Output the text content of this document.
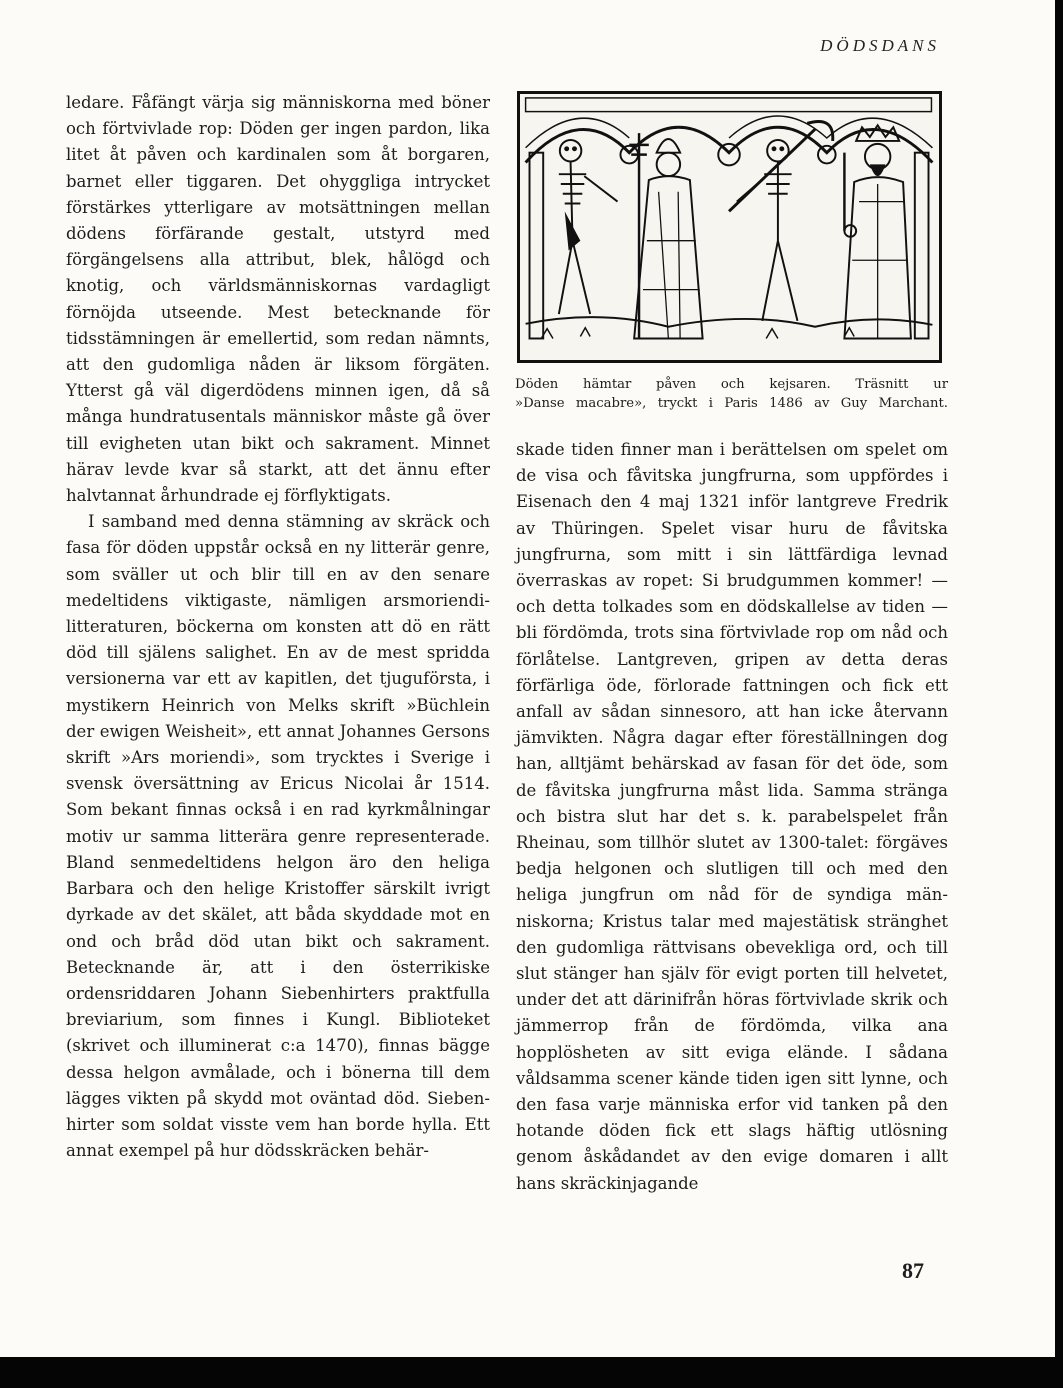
DÖDSDANS

ledare. Fåfängt värja sig människorna med böner och förtvivlade rop: Döden ger ingen pardon, lika litet åt påven och kardinalen som åt borgaren, barnet eller tiggaren. Det ohyggliga intrycket förstärkes ytterligare av motsättningen mellan dödens förfärande gestalt, utstyrd med förgängelsens alla attribut, blek, hålögd och knotig, och världsmänniskornas vardagligt förnöjda utseende. Mest betecknande för tidsstämningen är emellertid, som redan nämnts, att den gudomliga nåden är liksom förgäten. Ytterst gå väl digerdödens minnen igen, då så många hundratusentals människor måste gå över till evigheten utan bikt och sakrament. Minnet härav levde kvar så starkt, att det ännu efter halvtannat århundrade ej förflyktigats.

I samband med denna stämning av skräck och fasa för döden uppstår också en ny litterär genre, som sväller ut och blir till en av den senare medeltidens viktigaste, nämligen arsmoriendi-litteraturen, böckerna om konsten att dö en rätt död till själens salighet. En av de mest spridda versionerna var ett av kapitlen, det tjuguförsta, i mystikern Heinrich von Melks skrift »Büchlein der ewigen Weisheit», ett annat Johannes Gersons skrift »Ars moriendi», som trycktes i Sverige i svensk översättning av Ericus Nicolai år 1514. Som bekant finnas också i en rad kyrkmålningar motiv ur samma litterära genre representerade. Bland senmedeltidens helgon äro den heliga Barbara och den helige Kristoffer särskilt ivrigt dyrkade av det skälet, att båda skyddade mot en ond och bråd död utan bikt och sakrament. Betecknande är, att i den österrikiske ordensriddaren Johann Siebenhirters praktfulla breviarium, som finnes i Kungl. Biblioteket (skrivet och illuminerat c:a 1470), finnas bägge dessa helgon avmålade, och i bönerna till dem lägges vikten på skydd mot oväntad död. Siebenhirter som soldat visste vem han borde hylla. Ett annat exempel på hur dödsskräcken behär-

Döden hämtar påven och kejsaren. Träsnitt ur
»Danse macabre», tryckt i Paris 1486 av Guy Marchant.

skade tiden finner man i berättelsen om spelet om de visa och fåvitska jungfrurna, som uppfördes i Eisenach den 4 maj 1321 inför lantgreve Fredrik av Thüringen. Spelet visar huru de fåvitska jungfrurna, som mitt i sin lättfärdiga levnad överraskas av ropet: Si brudgummen kommer! — och detta tolkades som en dödskallelse av tiden — bli fördömda, trots sina förtvivlade rop om nåd och förlåtelse. Lantgreven, gripen av detta deras förfärliga öde, förlorade fattningen och fick ett anfall av sådan sinnesoro, att han icke återvann jämvikten. Några dagar efter föreställningen dog han, alltjämt behärskad av fasan för det öde, som de fåvitska jungfrurna måst lida. Samma stränga och bistra slut har det s. k. parabelspelet från Rheinau, som tillhör slutet av 1300-talet: förgäves bedja helgonen och slutligen till och med den heliga jungfrun om nåd för de syndiga människorna; Kristus talar med majestätisk stränghet den gudomliga rättvisans obevekliga ord, och till slut stänger han själv för evigt porten till helvetet, under det att därinifrån höras förtvivlade skrik och jämmerrop från de fördömda, vilka ana hopplösheten av sitt eviga elände. I sådana våldsamma scener kände tiden igen sitt lynne, och den fasa varje människa erfor vid tanken på den hotande döden fick ett slags häftig utlösning genom åskådandet av den evige domaren i allt hans skräckinjagande

87
